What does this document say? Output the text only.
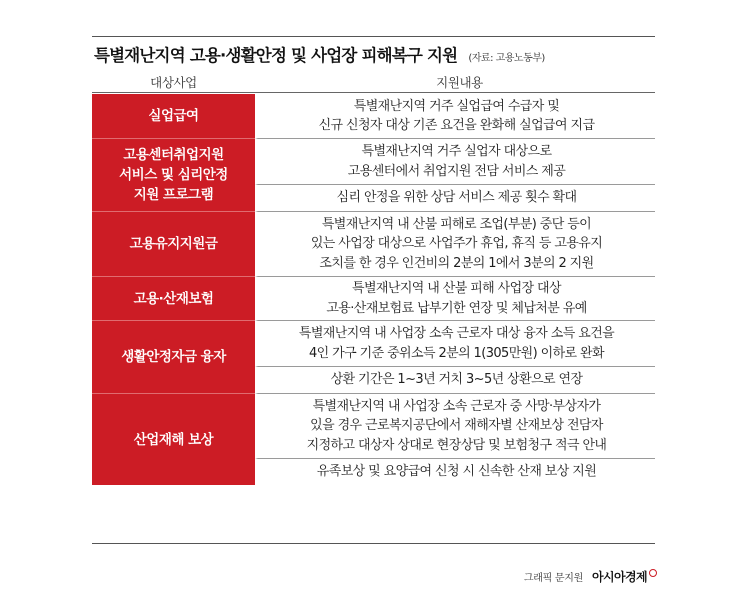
특별재난지역 고용·생활안정 및 사업장 피해복구 지원 (자료: 고용노동부)
대상사업	지원내용
실업급여
특별재난지역 거주 실업급여 수급자 및
신규 신청자 대상 기존 요건을 완화해 실업급여 지급
고용센터취업지원
서비스 및 심리안정
지원 프로그램
특별재난지역 거주 실업자 대상으로
고용센터에서 취업지원 전담 서비스 제공
심리 안정을 위한 상담 서비스 제공 횟수 확대
고용유지지원금
특별재난지역 내 산불 피해로 조업(부분) 중단 등이
있는 사업장 대상으로 사업주가 휴업, 휴직 등 고용유지
조치를 한 경우 인건비의 2분의 1에서 3분의 2 지원
고용·산재보험
특별재난지역 내 산불 피해 사업장 대상
고용·산재보험료 납부기한 연장 및 체납처분 유예
생활안정자금 융자
특별재난지역 내 사업장 소속 근로자 대상 융자 소득 요건을
4인 가구 기준 중위소득 2분의 1(305만원) 이하로 완화
상환 기간은 1~3년 거치 3~5년 상환으로 연장
산업재해 보상
특별재난지역 내 사업장 소속 근로자 중 사망·부상자가
있을 경우 근로복지공단에서 재해자별 산재보상 전담자
지정하고 대상자 상대로 현장상담 및 보험청구 적극 안내
유족보상 및 요양급여 신청 시 신속한 산재 보상 지원
그래픽 문지원 아시아경제
